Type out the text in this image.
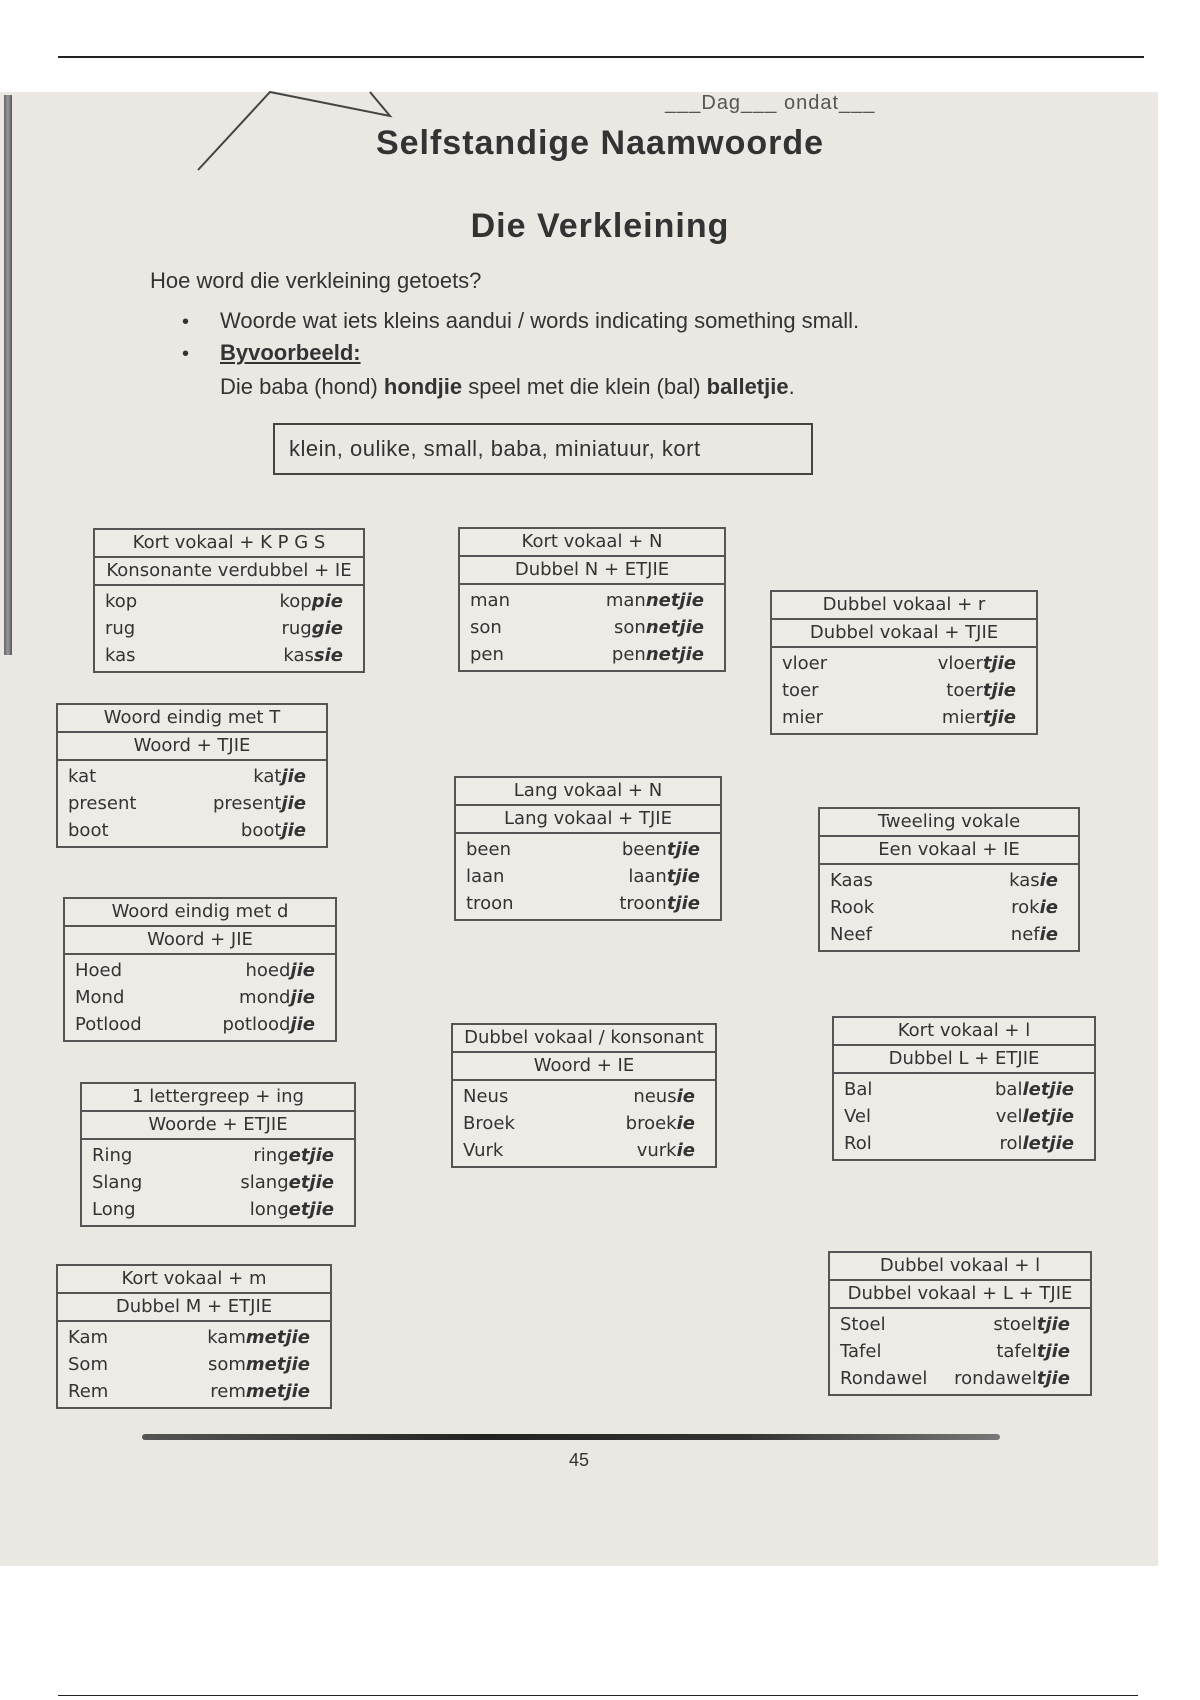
___Dag___ ondat___
Selfstandige Naamwoorde
Die Verkleining
Hoe word die verkleining getoets?
•	Woorde wat iets kleins aandui / words indicating something small.
•	Byvoorbeeld:
Die baba (hond) hondjie speel met die klein (bal) balletjie.
klein, oulike, small, baba, miniatuur, kort
Kort vokaal + K P G S
Konsonante verdubbel + IE
kop	koppie
rug	ruggie
kas	kassie
Kort vokaal + N
Dubbel N + ETJIE
man	mannetjie
son	sonnetjie
pen	pennetjie
Dubbel vokaal + r
Dubbel vokaal + TJIE
vloer	vloertjie
toer	toertjie
mier	miertjie
Woord eindig met T
Woord + TJIE
kat	katjie
present	presentjie
boot	bootjie
Lang vokaal + N
Lang vokaal + TJIE
been	beentjie
laan	laantjie
troon	troontjie
Tweeling vokale
Een vokaal + IE
Kaas	kasie
Rook	rokie
Neef	nefie
Woord eindig met d
Woord + JIE
Hoed	hoedjie
Mond	mondjie
Potlood	potloodjie
Dubbel vokaal / konsonant
Woord + IE
Neus	neusie
Broek	broekie
Vurk	vurkie
Kort vokaal + l
Dubbel L + ETJIE
Bal	balletjie
Vel	velletjie
Rol	rolletjie
1 lettergreep + ing
Woorde + ETJIE
Ring	ringetjie
Slang	slangetjie
Long	longetjie
Kort vokaal + m
Dubbel M + ETJIE
Kam	kammetjie
Som	sommetjie
Rem	remmetjie
Dubbel vokaal + l
Dubbel vokaal + L + TJIE
Stoel	stoeltjie
Tafel	tafeltjie
Rondawel rondaweltjie
45
